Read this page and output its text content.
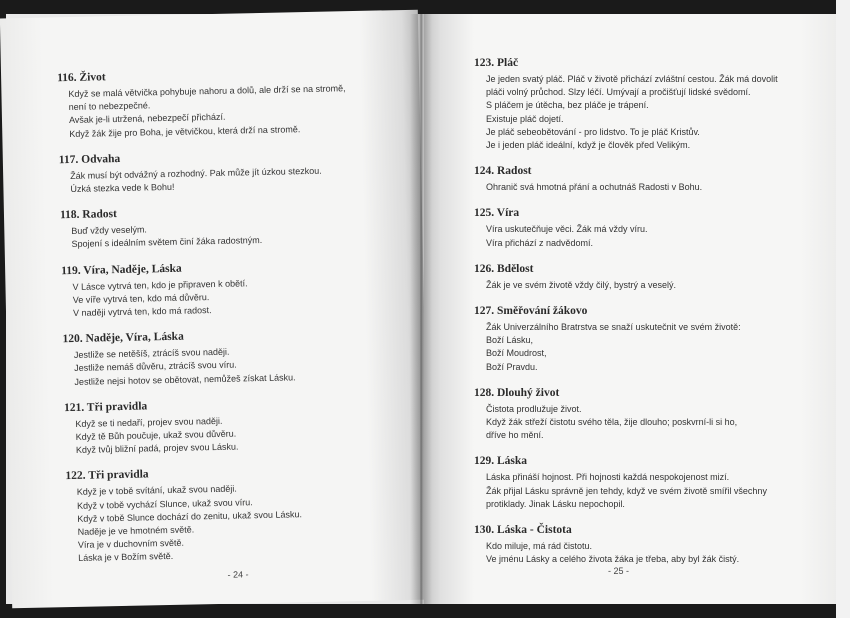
116. Život
Když se malá větvička pohybuje nahoru a dolů, ale drží se na stromě,
není to nebezpečné.
Avšak je-li utržená, nebezpečí přichází.
Když žák žije pro Boha, je větvičkou, která drží na stromě.
117. Odvaha
Žák musí být odvážný a rozhodný. Pak může jít úzkou stezkou.
Úzká stezka vede k Bohu!
118. Radost
Buď vždy veselým.
Spojení s ideálním světem činí žáka radostným.
119. Víra, Naděje, Láska
V Lásce vytrvá ten, kdo je připraven k obětí.
Ve víře vytrvá ten, kdo má důvěru.
V naději vytrvá ten, kdo má radost.
120. Naděje, Víra, Láska
Jestliže se netěšíš, ztrácíš svou naději.
Jestliže nemáš důvěru, ztrácíš svou víru.
Jestliže nejsi hotov se obětovat, nemůžeš získat Lásku.
121. Tři pravidla
Když se ti nedaří, projev svou naději.
Když tě Bůh poučuje, ukaž svou důvěru.
Když tvůj bližní padá, projev svou Lásku.
122. Tři pravidla
Když je v tobě svítání, ukaž svou naději.
Když v tobě vychází Slunce, ukaž svou víru.
Když v tobě Slunce dochází do zenitu, ukaž svou Lásku.
Naděje je ve hmotném světě.
Víra je v duchovním světě.
Láska je v Božím světě.
- 24 -
123. Pláč
Je jeden svatý pláč. Pláč v životě přichází zvláštní cestou. Žák má dovolit
pláči volný průchod. Slzy léčí. Umývají a pročišťují lidské svědomí.
S pláčem je útěcha, bez pláče je trápení.
Existuje pláč dojetí.
Je pláč sebeobětování - pro lidstvo. To je pláč Kristův.
Je i jeden pláč ideální, když je člověk před Velikým.
124. Radost
Ohranič svá hmotná přání a ochutnáš Radosti v Bohu.
125. Víra
Víra uskutečňuje věci. Žák má vždy víru.
Víra přichází z nadvědomí.
126. Bdělost
Žák je ve svém životě vždy čilý, bystrý a veselý.
127. Směřování žákovo
Žák Univerzálního Bratrstva se snaží uskutečnit ve svém životě:
Boží Lásku,
Boží Moudrost,
Boží Pravdu.
128. Dlouhý život
Čistota prodlužuje život.
Když žák střeží čistotu svého těla, žije dlouho; poskvrní-li si ho,
dříve ho mění.
129. Láska
Láska přináší hojnost. Při hojnosti každá nespokojenost mizí.
Žák přijal Lásku správně jen tehdy, když ve svém životě smířil všechny
protiklady. Jinak Lásku nepochopil.
130. Láska - Čistota
Kdo miluje, má rád čistotu.
Ve jménu Lásky a celého života žáka je třeba, aby byl žák čistý.
- 25 -
